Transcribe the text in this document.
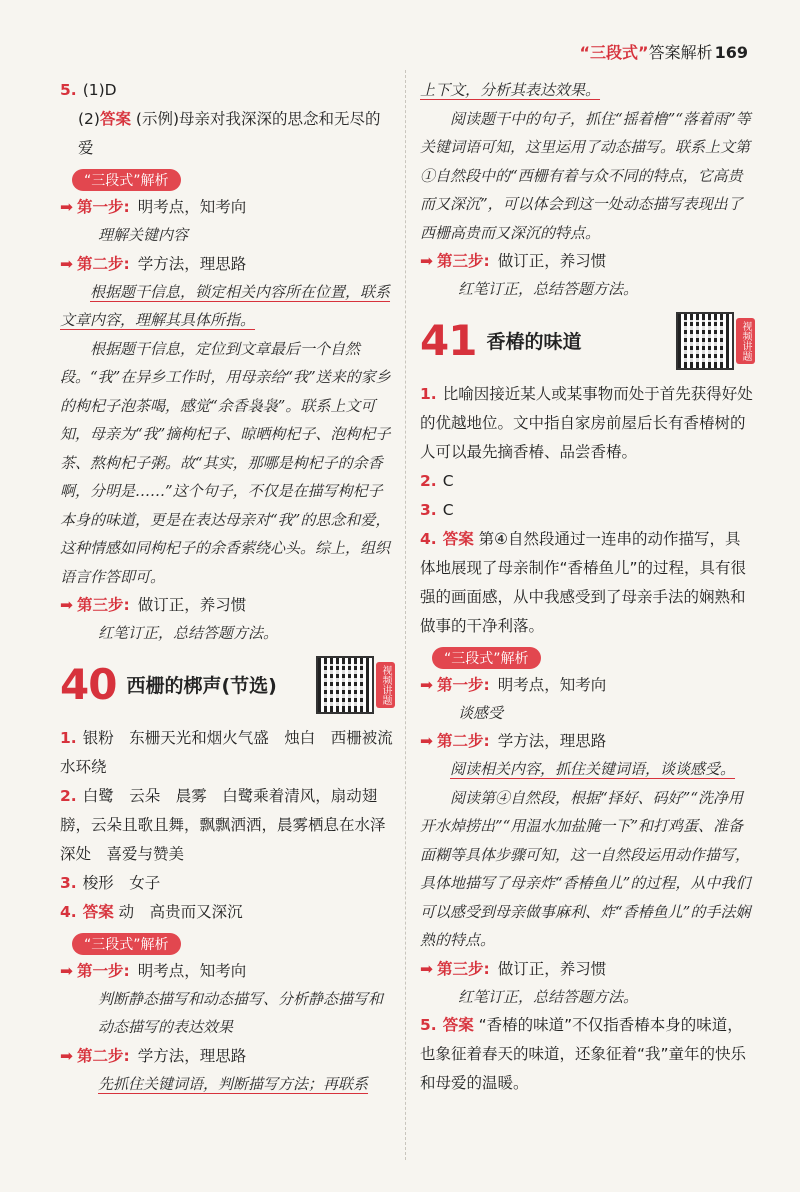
“三段式”答案解析 169

5. (1)D

(2)答案 (示例)母亲对我深深的思念和无尽的爱

“三段式”解析

➡ 第一步: 明考点，知考向

理解关键内容

➡ 第二步: 学方法，理思路

根据题干信息，锁定相关内容所在位置，联系文章内容，理解其具体所指。

根据题干信息，定位到文章最后一个自然段。“我”在异乡工作时，用母亲给“我”送来的家乡的枸杞子泡茶喝，感觉“余香袅袅”。联系上文可知，母亲为“我”摘枸杞子、晾晒枸杞子、泡枸杞子茶、熬枸杞子粥。故“其实，那哪是枸杞子的余香啊，分明是……”这个句子，不仅是在描写枸杞子本身的味道，更是在表达母亲对“我”的思念和爱，这种情感如同枸杞子的余香萦绕心头。综上，组织语言作答即可。

➡ 第三步: 做订正，养习惯

红笔订正，总结答题方法。

40 西栅的梆声(节选)	视频讲题

1. 银粉　东栅天光和烟火气盛　烛白　西栅被流水环绕

2. 白鹭　云朵　晨雾　白鹭乘着清风，扇动翅膀，云朵且歌且舞，飘飘洒洒，晨雾栖息在水泽深处　喜爱与赞美

3. 梭形　女子

4. 答案 动　高贵而又深沉

“三段式”解析

➡ 第一步: 明考点，知考向

判断静态描写和动态描写、分析静态描写和动态描写的表达效果

➡ 第二步: 学方法，理思路

先抓住关键词语，判断描写方法；再联系

上下文，分析其表达效果。

阅读题干中的句子，抓住“摇着橹”“落着雨”等关键词语可知，这里运用了动态描写。联系上文第①自然段中的“西栅有着与众不同的特点，它高贵而又深沉”，可以体会到这一处动态描写表现出了西栅高贵而又深沉的特点。

➡ 第三步: 做订正，养习惯

红笔订正，总结答题方法。

41 香椿的味道	视频讲题

1. 比喻因接近某人或某事物而处于首先获得好处的优越地位。文中指自家房前屋后长有香椿树的人可以最先摘香椿、品尝香椿。

2. C

3. C

4. 答案 第④自然段通过一连串的动作描写，具体地展现了母亲制作“香椿鱼儿”的过程，具有很强的画面感，从中我感受到了母亲手法的娴熟和做事的干净利落。

“三段式”解析

➡ 第一步: 明考点，知考向

谈感受

➡ 第二步: 学方法，理思路

阅读相关内容，抓住关键词语，谈谈感受。

阅读第④自然段，根据“择好、码好”“洗净用开水焯捞出”“用温水加盐腌一下”和打鸡蛋、准备面糊等具体步骤可知，这一自然段运用动作描写，具体地描写了母亲炸“香椿鱼儿”的过程，从中我们可以感受到母亲做事麻利、炸“香椿鱼儿”的手法娴熟的特点。

➡ 第三步: 做订正，养习惯

红笔订正，总结答题方法。

5. 答案 “香椿的味道”不仅指香椿本身的味道，也象征着春天的味道，还象征着“我”童年的快乐和母爱的温暖。
